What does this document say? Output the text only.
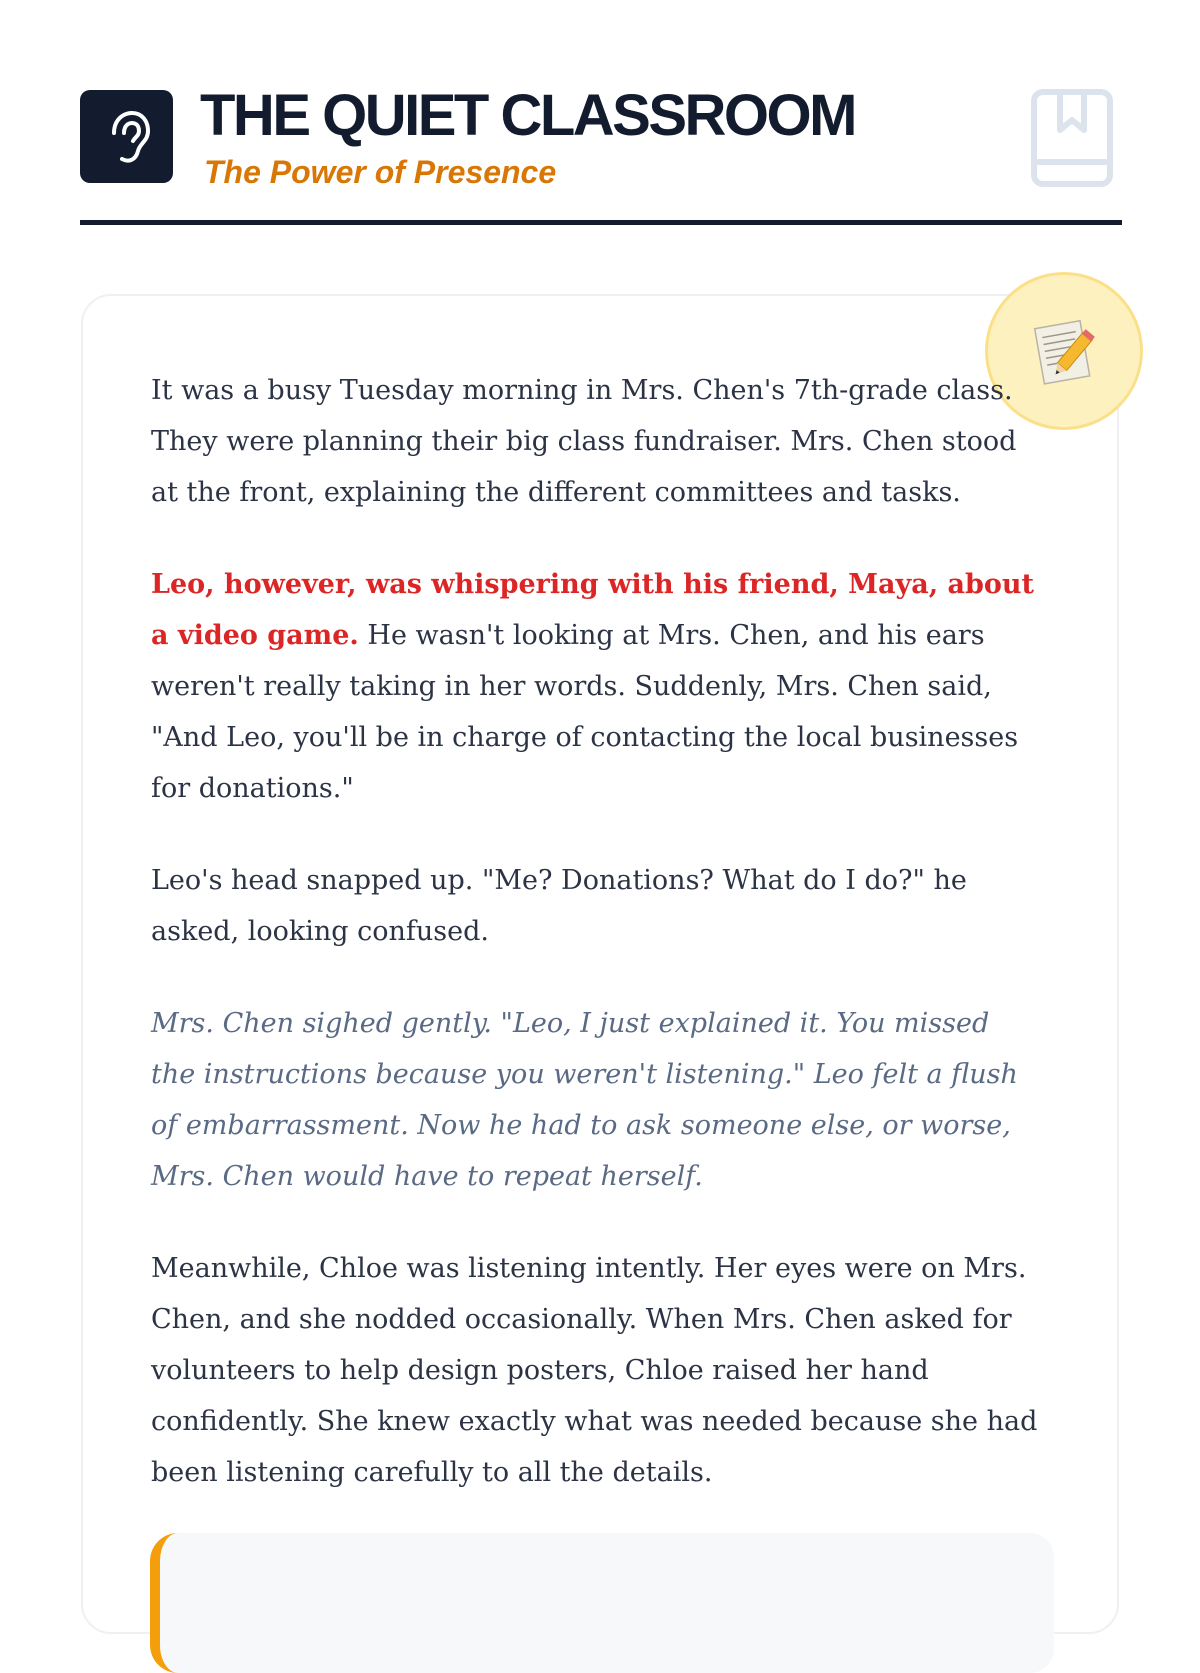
THE QUIET CLASSROOM
The Power of Presence

It was a busy Tuesday morning in Mrs. Chen's 7th-grade class. They were planning their big class fundraiser. Mrs. Chen stood at the front, explaining the different committees and tasks.

Leo, however, was whispering with his friend, Maya, about a video game. He wasn't looking at Mrs. Chen, and his ears weren't really taking in her words. Suddenly, Mrs. Chen said, "And Leo, you'll be in charge of contacting the local businesses for donations."

Leo's head snapped up. "Me? Donations? What do I do?" he asked, looking confused.

Mrs. Chen sighed gently. "Leo, I just explained it. You missed the instructions because you weren't listening." Leo felt a flush of embarrassment. Now he had to ask someone else, or worse, Mrs. Chen would have to repeat herself.

Meanwhile, Chloe was listening intently. Her eyes were on Mrs. Chen, and she nodded occasionally. When Mrs. Chen asked for volunteers to help design posters, Chloe raised her hand confidently. She knew exactly what was needed because she had been listening carefully to all the details.
